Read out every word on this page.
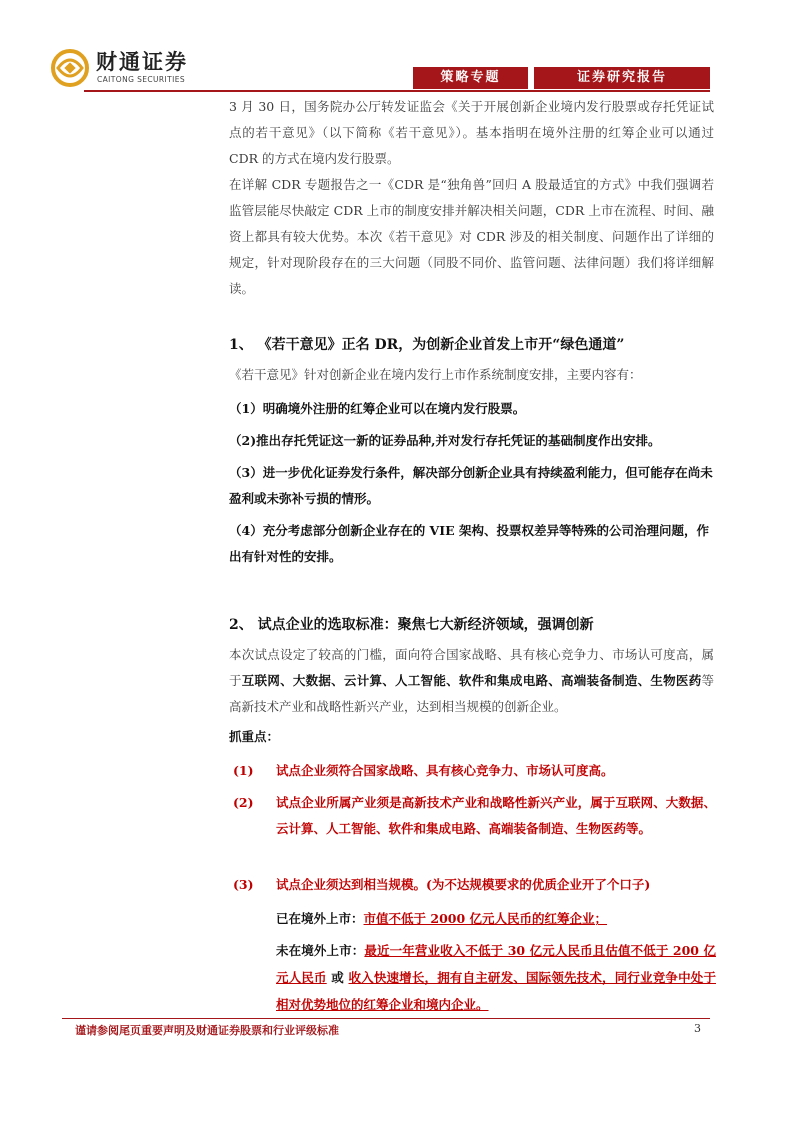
财通证券
CAITONG SECURITIES	策略专题	证券研究报告
3 月 30 日，国务院办公厅转发证监会《关于开展创新企业境内发行股票或存托凭证试点的若干意见》（以下简称《若干意见》）。基本指明在境外注册的红筹企业可以通过 CDR 的方式在境内发行股票。
在详解 CDR 专题报告之一《CDR 是“独角兽”回归 A 股最适宜的方式》中我们强调若监管层能尽快敲定 CDR 上市的制度安排并解决相关问题，CDR 上市在流程、时间、融资上都具有较大优势。本次《若干意见》对 CDR 涉及的相关制度、问题作出了详细的规定，针对现阶段存在的三大问题（同股不同价、监管问题、法律问题）我们将详细解读。
1、 《若干意见》正名 DR，为创新企业首发上市开“绿色通道”
《若干意见》针对创新企业在境内发行上市作系统制度安排，主要内容有：
（1）明确境外注册的红筹企业可以在境内发行股票。
（2)推出存托凭证这一新的证券品种,并对发行存托凭证的基础制度作出安排。
（3）进一步优化证券发行条件，解决部分创新企业具有持续盈利能力，但可能存在尚未盈利或未弥补亏损的情形。
（4）充分考虑部分创新企业存在的 VIE 架构、投票权差异等特殊的公司治理问题，作出有针对性的安排。
2、 试点企业的选取标准：聚焦七大新经济领域，强调创新
本次试点设定了较高的门槛，面向符合国家战略、具有核心竞争力、市场认可度高，属于互联网、大数据、云计算、人工智能、软件和集成电路、高端装备制造、生物医药等高新技术产业和战略性新兴产业，达到相当规模的创新企业。
抓重点：
(1) 试点企业须符合国家战略、具有核心竞争力、市场认可度高。
(2) 试点企业所属产业须是高新技术产业和战略性新兴产业，属于互联网、大数据、云计算、人工智能、软件和集成电路、高端装备制造、生物医药等。
(3) 试点企业须达到相当规模。(为不达规模要求的优质企业开了个口子)
已在境外上市：市值不低于 2000 亿元人民币的红筹企业；
未在境外上市：最近一年营业收入不低于 30 亿元人民币且估值不低于 200 亿元人民币 或 收入快速增长，拥有自主研发、国际领先技术，同行业竞争中处于相对优势地位的红筹企业和境内企业。
谨请参阅尾页重要声明及财通证券股票和行业评级标准	3
